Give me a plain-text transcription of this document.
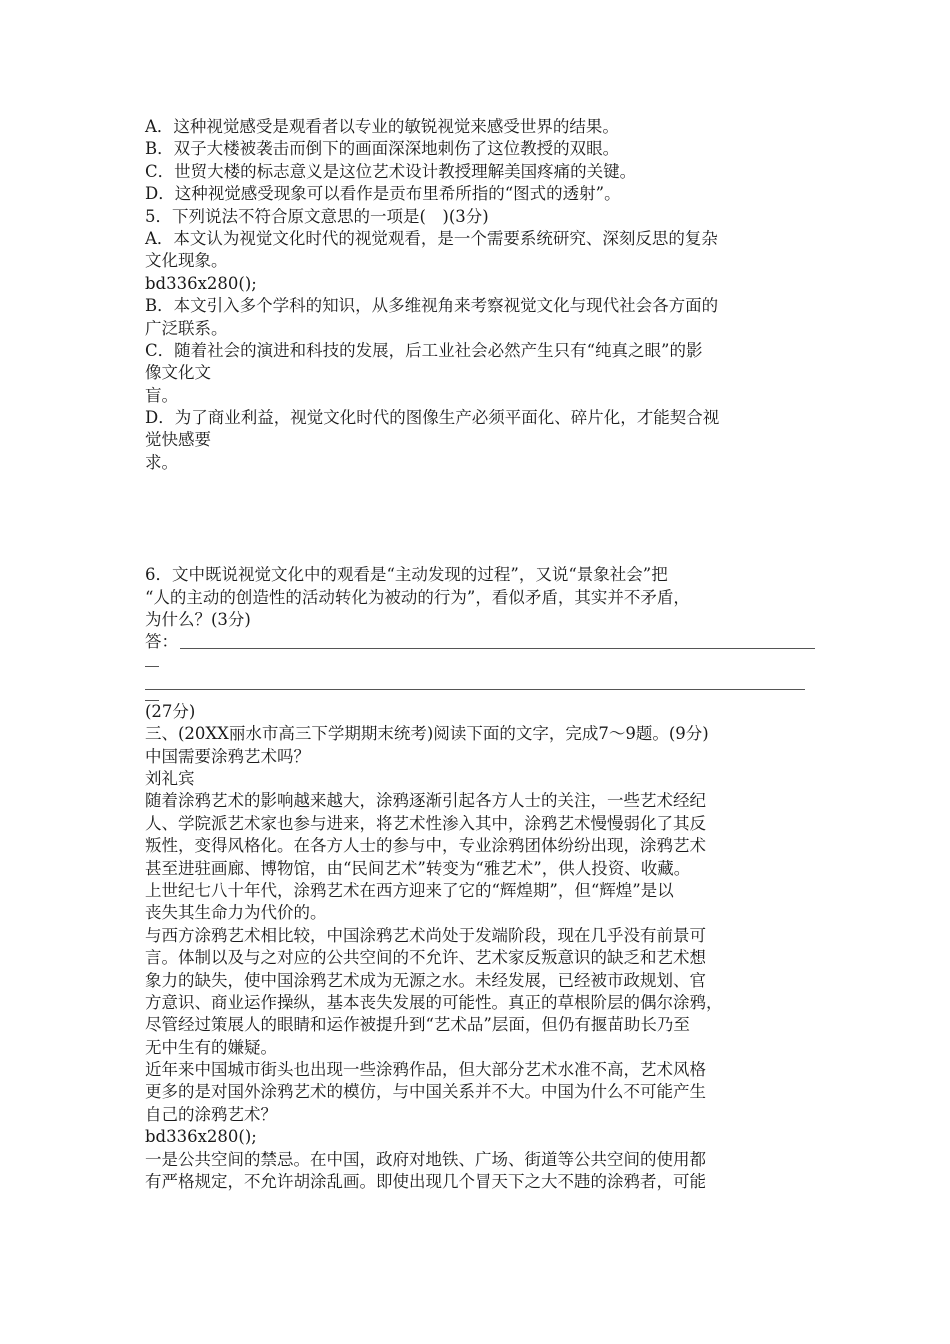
A．这种视觉感受是观看者以专业的敏锐视觉来感受世界的结果。
B．双子大楼被袭击而倒下的画面深深地刺伤了这位教授的双眼。
C．世贸大楼的标志意义是这位艺术设计教授理解美国疼痛的关键。
D．这种视觉感受现象可以看作是贡布里希所指的“图式的透射”。
5．下列说法不符合原文意思的一项是(　)(3分)
A．本文认为视觉文化时代的视觉观看，是一个需要系统研究、深刻反思的复杂
文化现象。
bd336x280();
B．本文引入多个学科的知识，从多维视角来考察视觉文化与现代社会各方面的
广泛联系。
C．随着社会的演进和科技的发展，后工业社会必然产生只有“纯真之眼”的影
像文化文
盲。
D．为了商业利益，视觉文化时代的图像生产必须平面化、碎片化，才能契合视
觉快感要
求。
6．文中既说视觉文化中的观看是“主动发现的过程”，又说“景象社会”把
“人的主动的创造性的活动转化为被动的行为”，看似矛盾，其实并不矛盾，
为什么？(3分)
答：
(27分)
三、(20XX丽水市高三下学期期末统考)阅读下面的文字，完成7～9题。(9分)
中国需要涂鸦艺术吗？
刘礼宾
随着涂鸦艺术的影响越来越大，涂鸦逐渐引起各方人士的关注，一些艺术经纪
人、学院派艺术家也参与进来，将艺术性渗入其中，涂鸦艺术慢慢弱化了其反
叛性，变得风格化。在各方人士的参与中，专业涂鸦团体纷纷出现，涂鸦艺术
甚至进驻画廊、博物馆，由“民间艺术”转变为“雅艺术”，供人投资、收藏。
上世纪七八十年代，涂鸦艺术在西方迎来了它的“辉煌期”，但“辉煌”是以
丧失其生命力为代价的。
与西方涂鸦艺术相比较，中国涂鸦艺术尚处于发端阶段，现在几乎没有前景可
言。体制以及与之对应的公共空间的不允许、艺术家反叛意识的缺乏和艺术想
象力的缺失，使中国涂鸦艺术成为无源之水。未经发展，已经被市政规划、官
方意识、商业运作操纵，基本丧失发展的可能性。真正的草根阶层的偶尔涂鸦，
尽管经过策展人的眼睛和运作被提升到“艺术品”层面，但仍有揠苗助长乃至
无中生有的嫌疑。
近年来中国城市街头也出现一些涂鸦作品，但大部分艺术水准不高，艺术风格
更多的是对国外涂鸦艺术的模仿，与中国关系并不大。中国为什么不可能产生
自己的涂鸦艺术？
bd336x280();
一是公共空间的禁忌。在中国，政府对地铁、广场、街道等公共空间的使用都
有严格规定，不允许胡涂乱画。即使出现几个冒天下之大不韪的涂鸦者，可能
